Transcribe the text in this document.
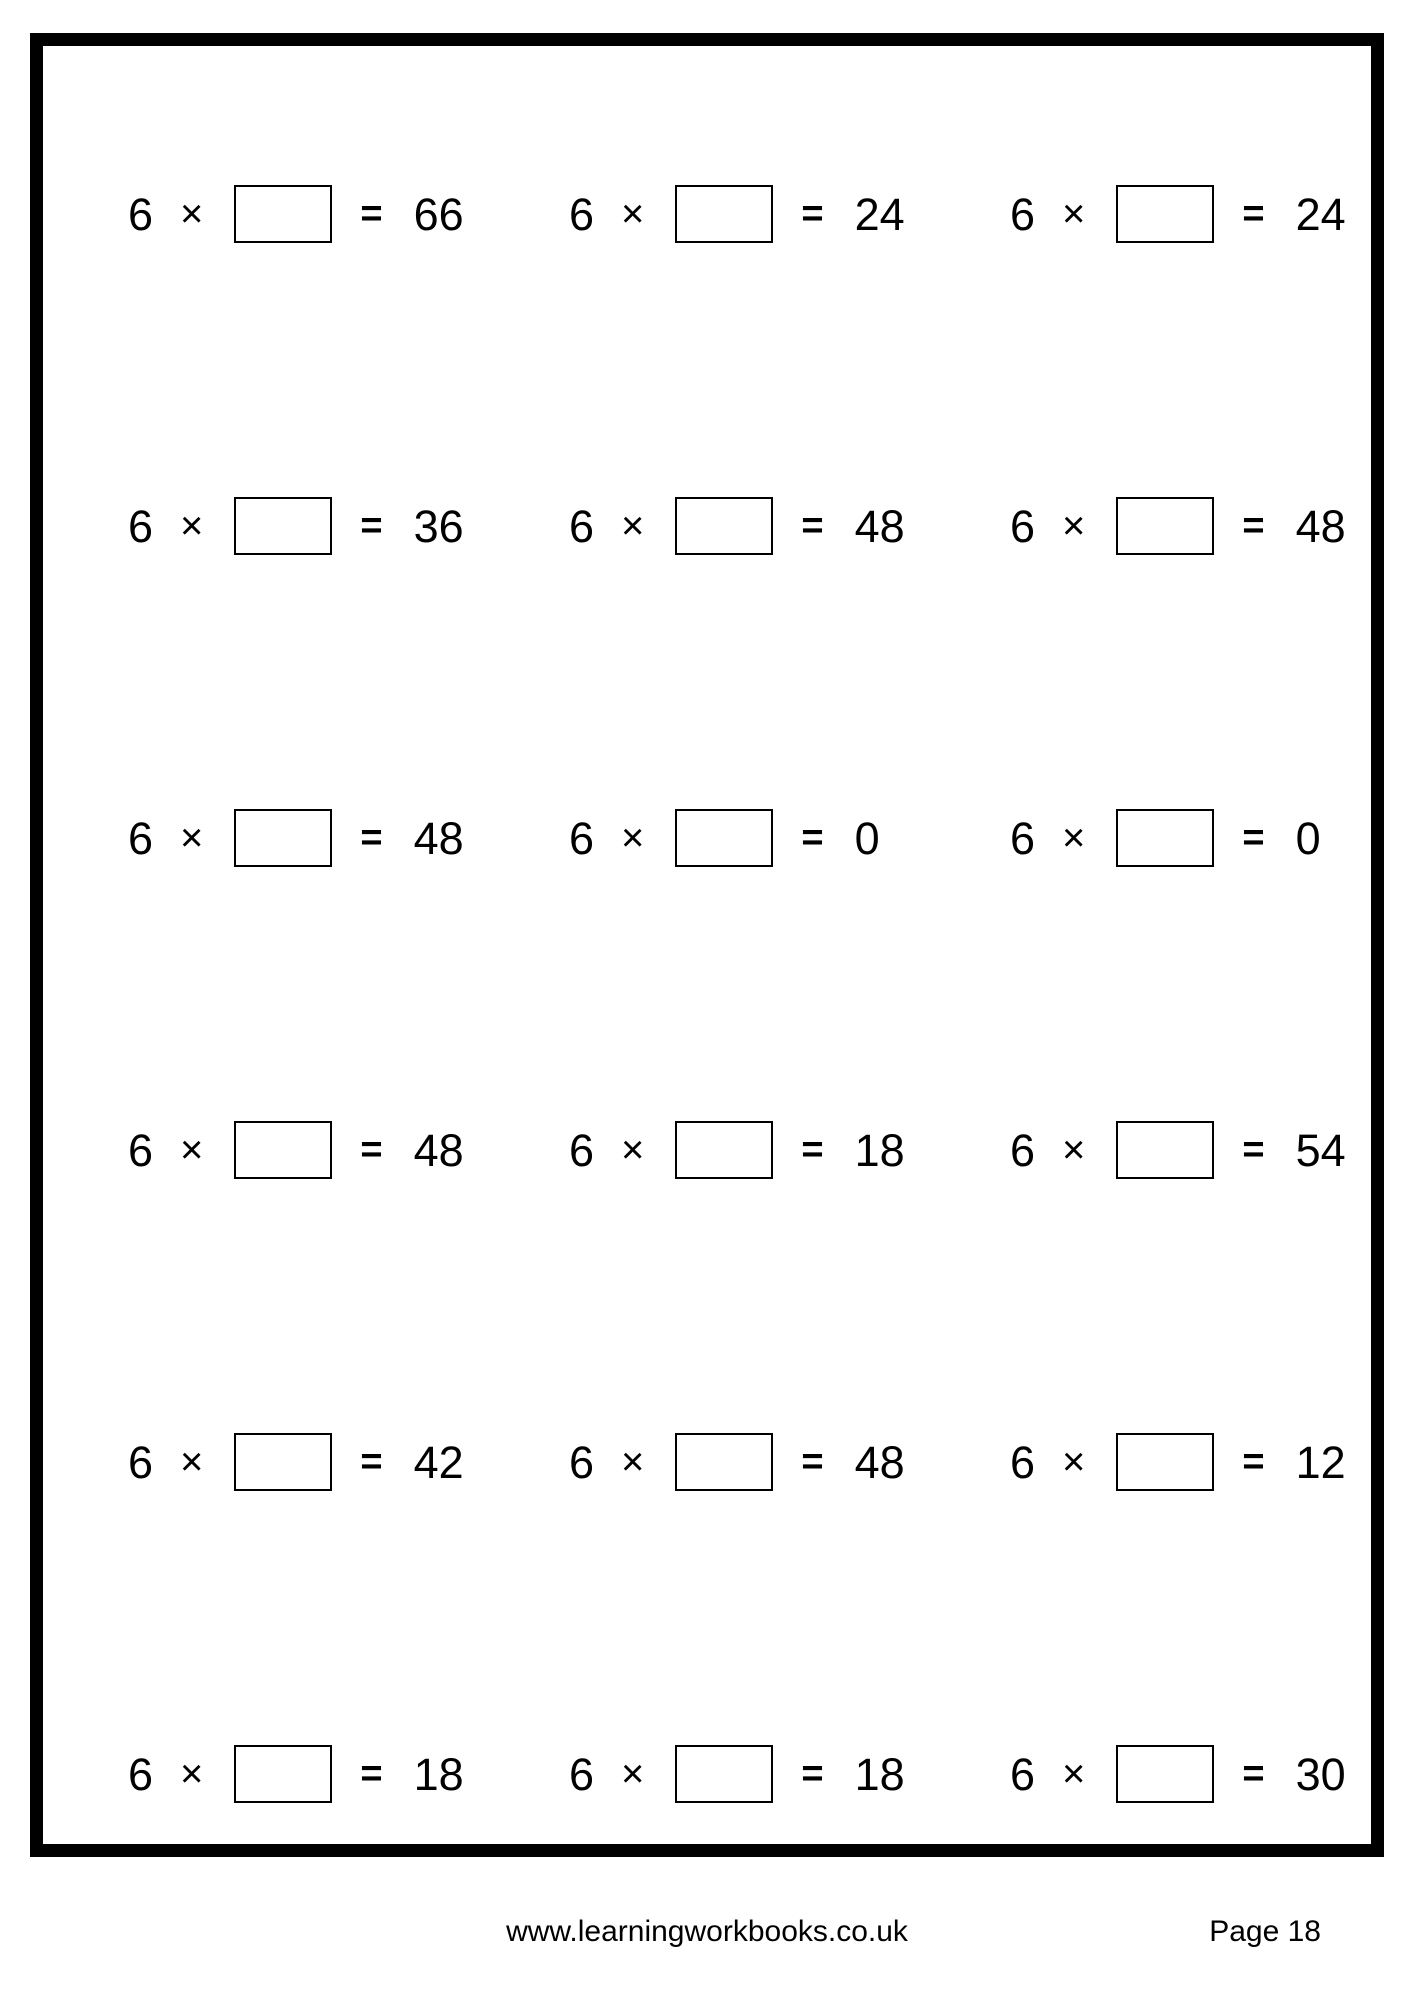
6 ×	= 66 6 ×	= 24 6 ×	= 24
6 ×	= 36 6 ×	= 48 6 ×	= 48
6 ×	= 48 6 ×	= 0	6 ×	= 0
6 ×	= 48 6 ×	= 18 6 ×	= 54
6 ×	= 42 6 ×	= 48 6 ×	= 12
6 ×	= 18 6 ×	= 18 6 ×	= 30
www.learningworkbooks.co.uk	Page 18
